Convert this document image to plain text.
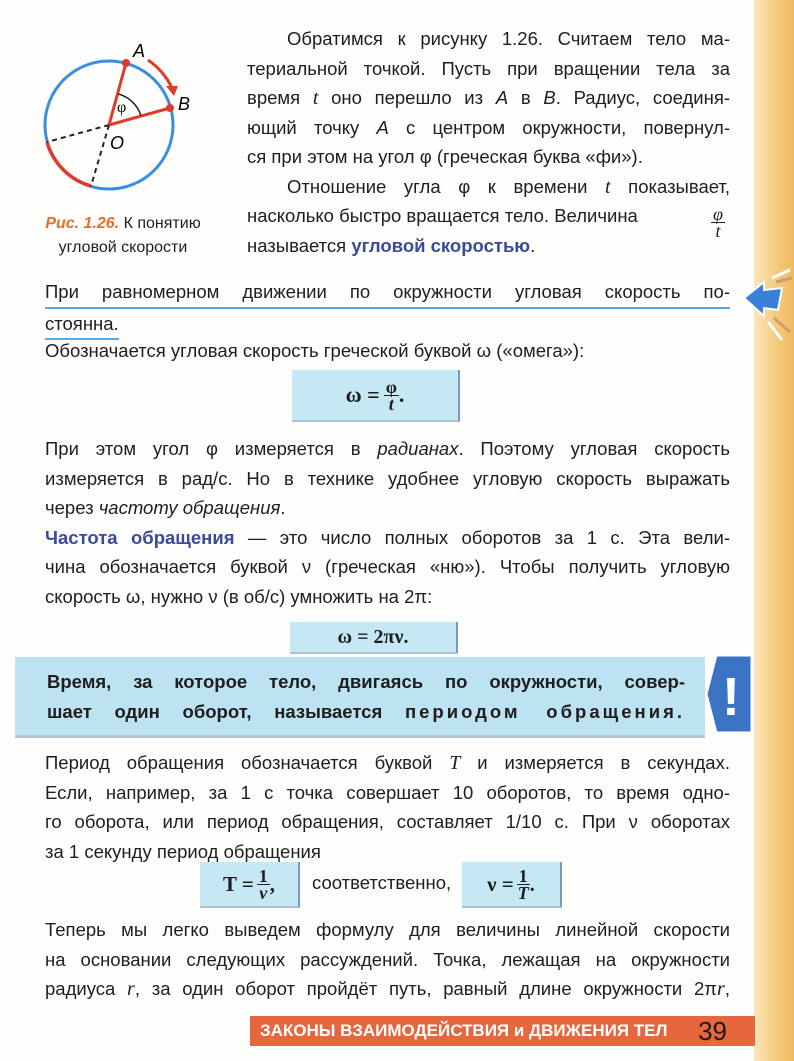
A
B
O
φ
Рис. 1.26. К понятию
угловой скорости
Обратимся к рисунку 1.26. Считаем тело ма-
териальной точкой. Пусть при вращении тела за
время t оно перешло из A в B. Радиус, соединя-
ющий точку A с центром окружности, повернул-
ся при этом на угол φ (греческая буква «фи»).
Отношение угла φ к времени t показывает,
насколько быстро вращается тело. Величина
называется угловой скоростью.
$\frac{\varphi}{t}$
При равномерном движении по окружности угловая скорость по-
стоянна.
Обозначается угловая скорость греческой буквой ω («омега»):
$\omega = \frac{\varphi}{t}$ .
При этом угол φ измеряется в радианах. Поэтому угловая скорость
измеряется в рад/с. Но в технике удобнее угловую скорость выражать
через частоту обращения.
Частота обращения — это число полных оборотов за 1 с. Эта вели-
чина обозначается буквой ν (греческая «ню»). Чтобы получить угловую
скорость ω, нужно ν (в об/с) умножить на 2π:
ω = 2πν.
Время, за которое тело, двигаясь по окружности, совер-
шает один оборот, называется периодом обращения. !
Период обращения обозначается буквой T и измеряется в секундах.
Если, например, за 1 с точка совершает 10 оборотов, то время одно-
го оборота, или период обращения, составляет 1/10 с. При ν оборотах
за 1 секунду период обращения
$T = \frac{1}{\nu}$ , соответственно, $\nu = \frac{1}{T}$ .
Теперь мы легко выведем формулу для величины линейной скорости
на основании следующих рассуждений. Точка, лежащая на окружности
радиуса r, за один оборот пройдёт путь, равный длине окружности 2πr,
ЗАКОНЫ ВЗАИМОДЕЙСТВИЯ и ДВИЖЕНИЯ ТЕЛ 39
